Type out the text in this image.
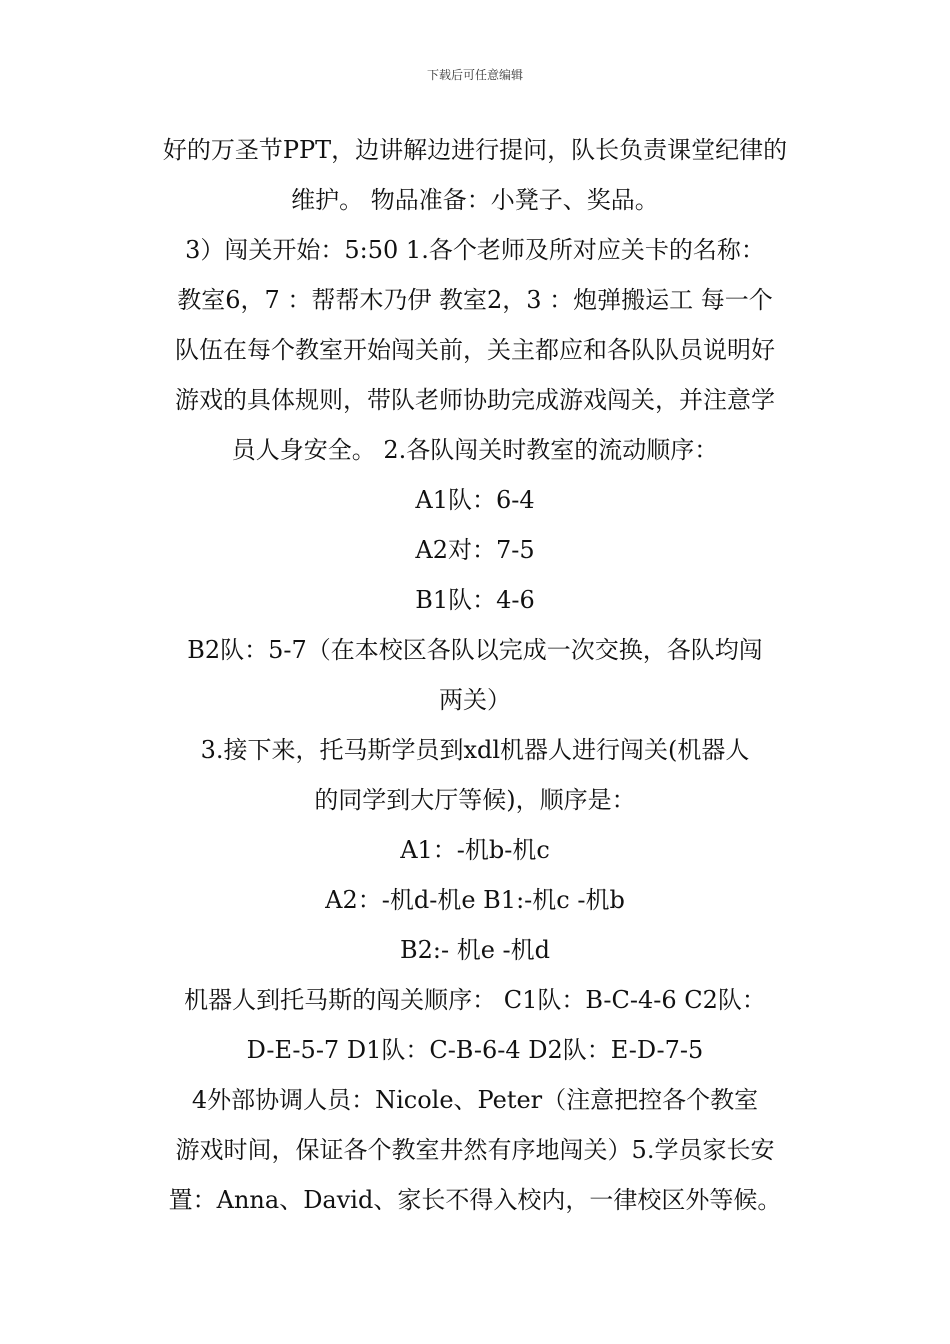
下载后可任意编辑
好的万圣节PPT，边讲解边进行提问，队长负责课堂纪律的
维护。 物品准备：小凳子、奖品。
3）闯关开始：5:50 1.各个老师及所对应关卡的名称：
教室6，7 ：帮帮木乃伊 教室2，3 ：炮弹搬运工 每一个
队伍在每个教室开始闯关前，关主都应和各队队员说明好
游戏的具体规则，带队老师协助完成游戏闯关，并注意学
员人身安全。 2.各队闯关时教室的流动顺序：
A1队：6-4
A2对：7-5
B1队：4-6
B2队：5-7（在本校区各队以完成一次交换，各队均闯
两关）
3.接下来，托马斯学员到xdl机器人进行闯关(机器人
的同学到大厅等候)，顺序是：
A1：-机b-机c
A2：-机d-机e B1:-机c -机b
B2:- 机e -机d
机器人到托马斯的闯关顺序： C1队：B-C-4-6 C2队：
D-E-5-7 D1队：C-B-6-4 D2队：E-D-7-5
4外部协调人员：Nicole、Peter（注意把控各个教室
游戏时间，保证各个教室井然有序地闯关）5.学员家长安
置：Anna、David、家长不得入校内，一律校区外等候。
